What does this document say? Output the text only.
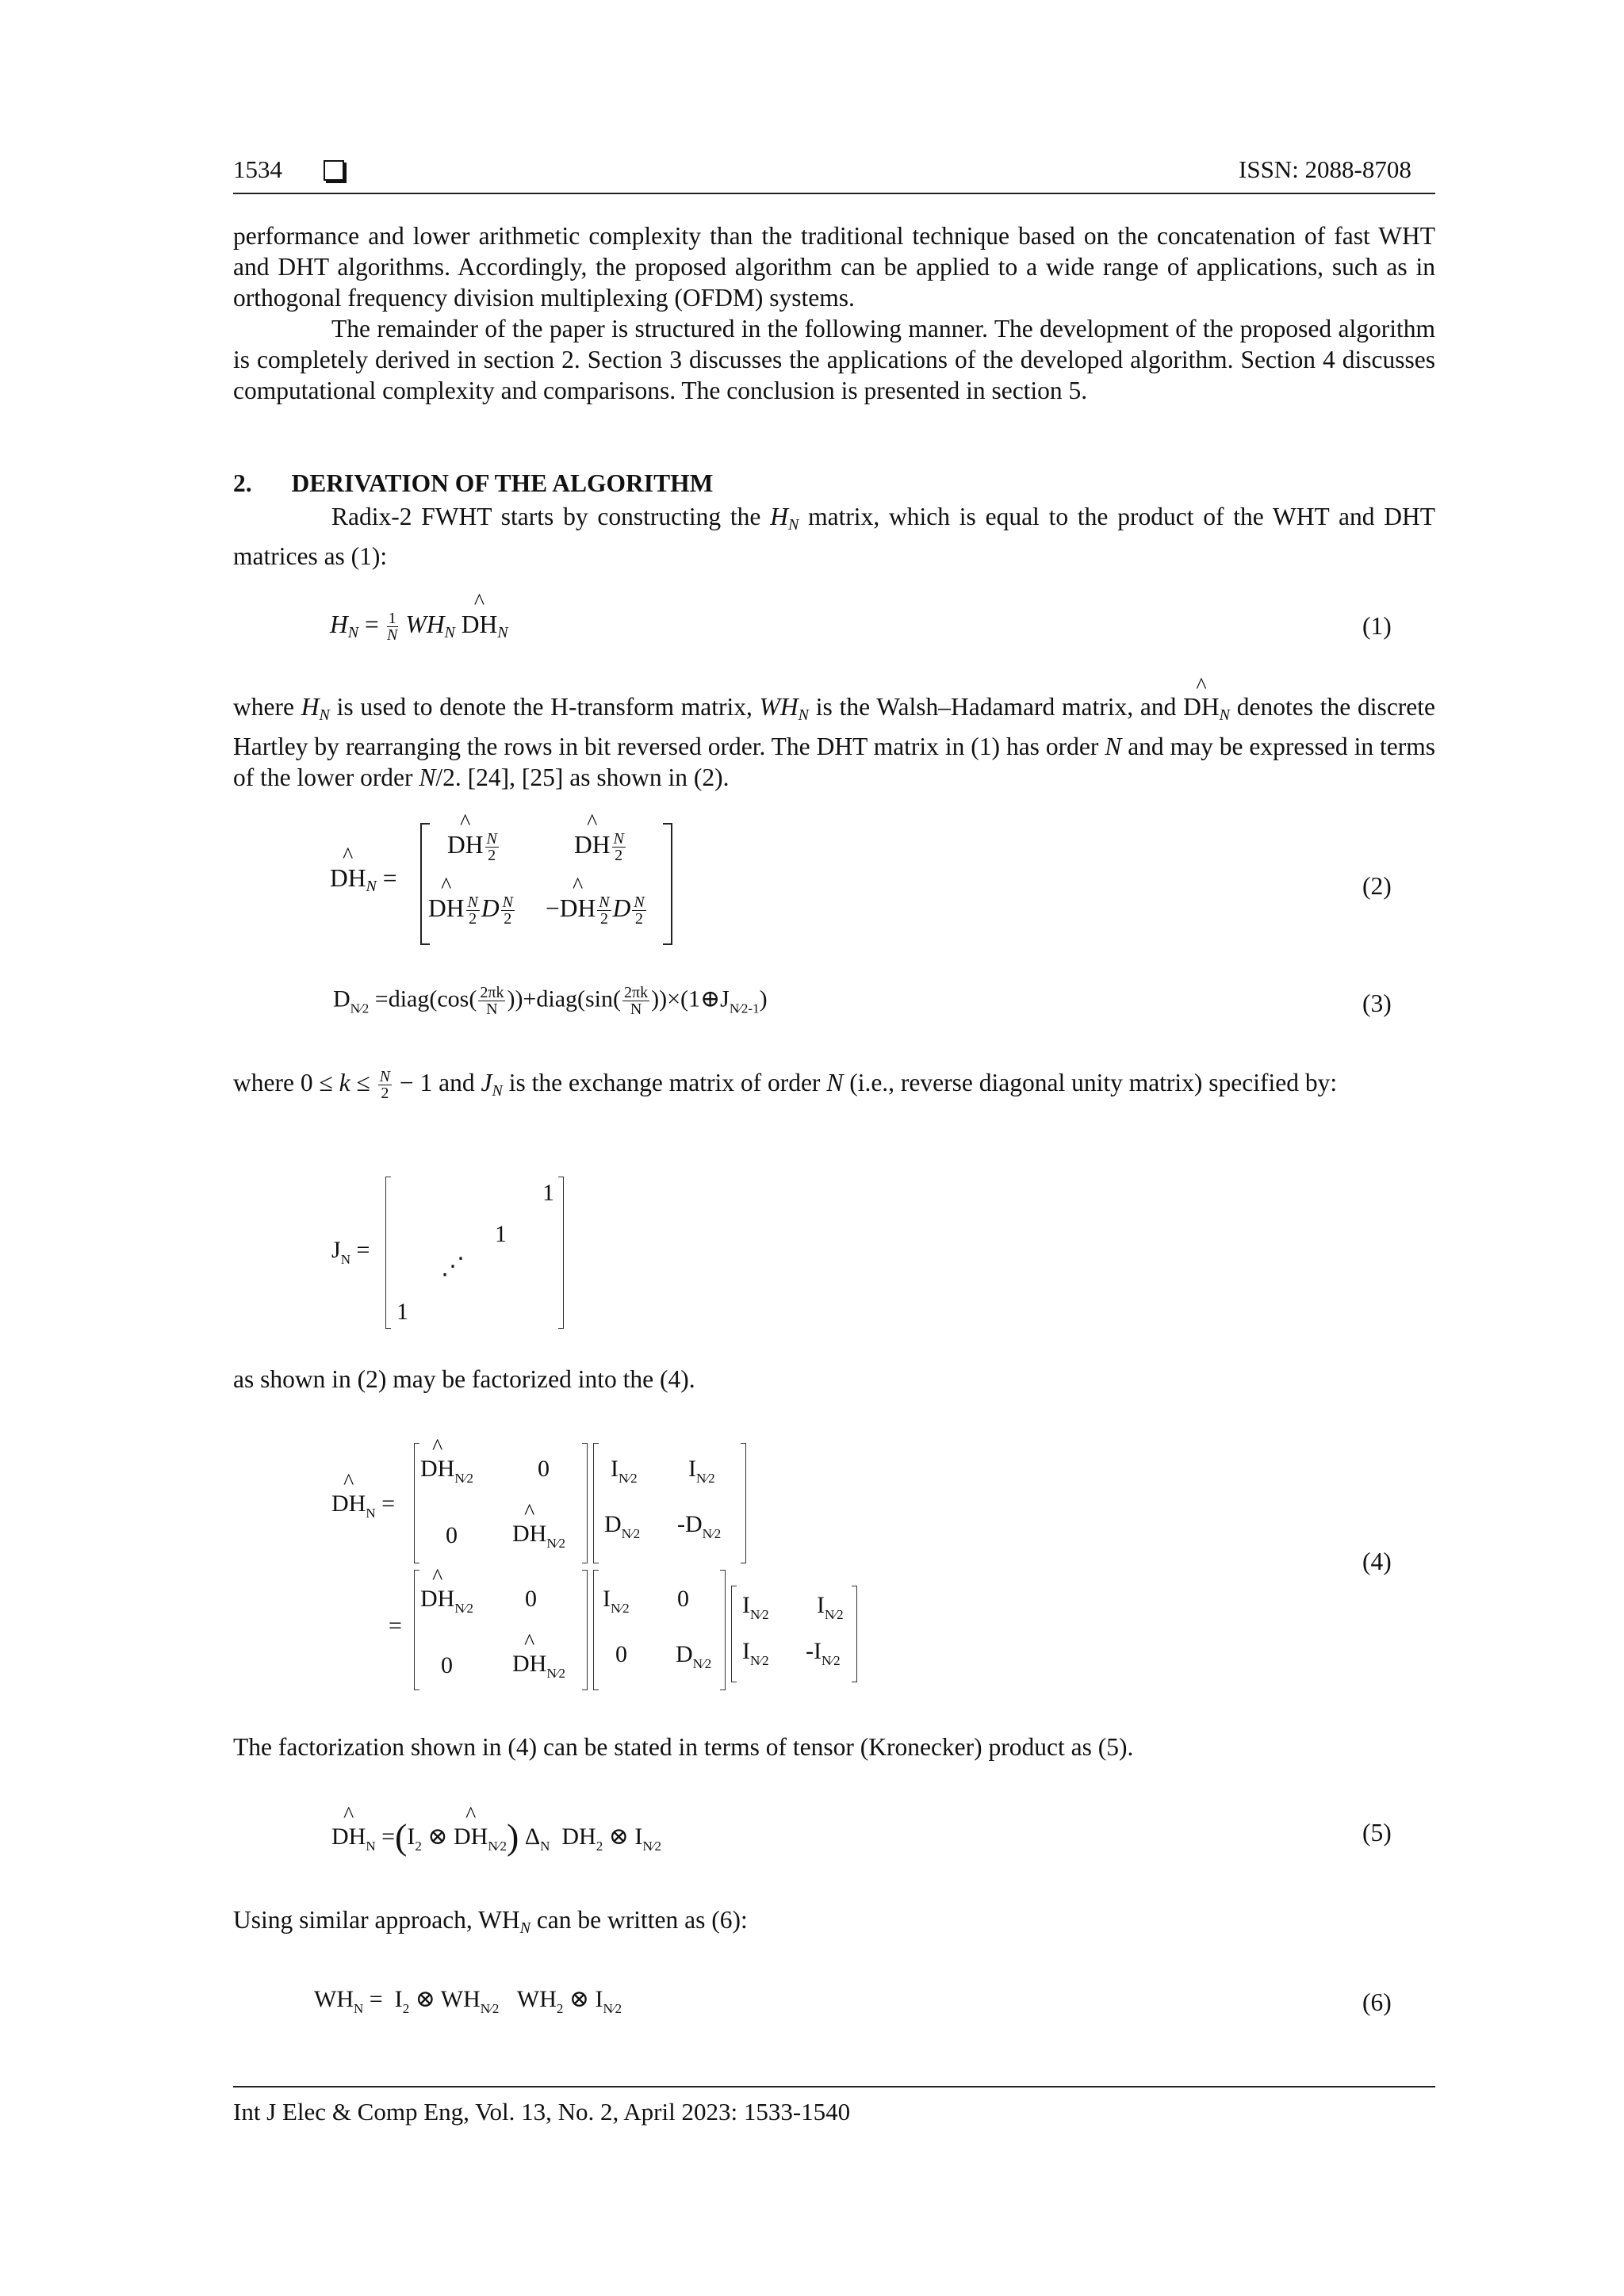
1534	ISSN: 2088-8708

performance and lower arithmetic complexity than the traditional technique based on the concatenation of fast WHT and DHT algorithms. Accordingly, the proposed algorithm can be applied to a wide range of applications, such as in orthogonal frequency division multiplexing (OFDM) systems.

The remainder of the paper is structured in the following manner. The development of the proposed algorithm is completely derived in section 2. Section 3 discusses the applications of the developed algorithm. Section 4 discusses computational complexity and comparisons. The conclusion is presented in section 5.

2. DERIVATION OF THE ALGORITHM

Radix-2 FWHT starts by constructing the HN matrix, which is equal to the product of the WHT and DHT matrices as (1):

HN = $\frac{1}{N}$ WHN ^ DHN	(1)

where HN is used to denote the H-transform matrix, WHN is the Walsh–Hadamard matrix, and ^ DHN denotes the discrete Hartley by rearranging the rows in bit reversed order. The DHT matrix in (1) has order N and may be expressed in terms of the lower order N/2. [24], [25] as shown in (2).

^ DHN =
^ DH $\frac{N}{2}$	^ DH $\frac{N}{2}$
^ DH $\frac{N}{2}$ D $\frac{N}{2}$ −^ DH $\frac{N}{2}$ D $\frac{N}{2}$
(2)
$D_{N⁄2}$ =diag(cos( $\frac{2\pi k}{N}$ ))+diag(sin( $\frac{2\pi k}{N}$ ))$\times(1\oplus J_{N⁄2-1})$	(3)

where $0 \le k \le \frac{N}{2} - 1$ and JN is the exchange matrix of order N (i.e., reverse diagonal unity matrix) specified by:

$J_N$ =
1
1
⋰
1

as shown in (2) may be factorized into the (4).

^ $DH_N$ =
^ $DH_{N⁄2}$	0
0 ^ $DH_{N⁄2}$
$I_{N⁄2}$ $I_{N⁄2}$
$D_{N⁄2}$ $-D_{N⁄2}$
=
^ $DH_{N⁄2}$ 0
0	^ $DH_{N⁄2}$
$I_{N⁄2}$ 0
0 $D_{N⁄2}$
$I_{N⁄2}$ $I_{N⁄2}$
$I_{N⁄2}$ $-I_{N⁄2}$
(4)

The factorization shown in (4) can be stated in terms of tensor (Kronecker) product as (5).

^ $DH_N =(I_2$ ⊗ ^ $DH_{N⁄2}$) $\Delta_N$  $DH_2$ ⊗ $I_{N⁄2}$	(5)

Using similar approach, WHN can be written as (6):

$WH_N = I_2$ ⊗ $WH_{N⁄2}$   $WH_2$ ⊗ $I_{N⁄2}$	(6)
Int J Elec & Comp Eng, Vol. 13, No. 2, April 2023: 1533-1540
